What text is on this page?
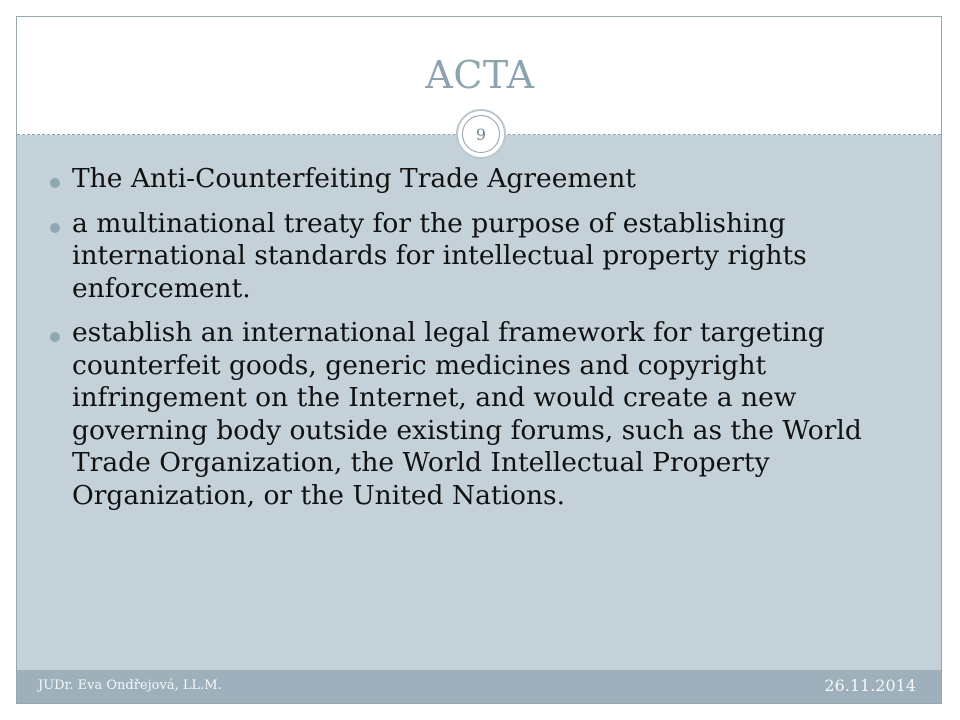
ACTA
9
The Anti-Counterfeiting Trade Agreement
a multinational treaty for the purpose of establishing international standards for intellectual property rights enforcement.
establish an international legal framework for targeting counterfeit goods, generic medicines and copyright infringement on the Internet, and would create a new governing body outside existing forums, such as the World Trade Organization, the World Intellectual Property Organization, or the United Nations.
JUDr. Eva Ondřejová, LL.M.	26.11.2014
